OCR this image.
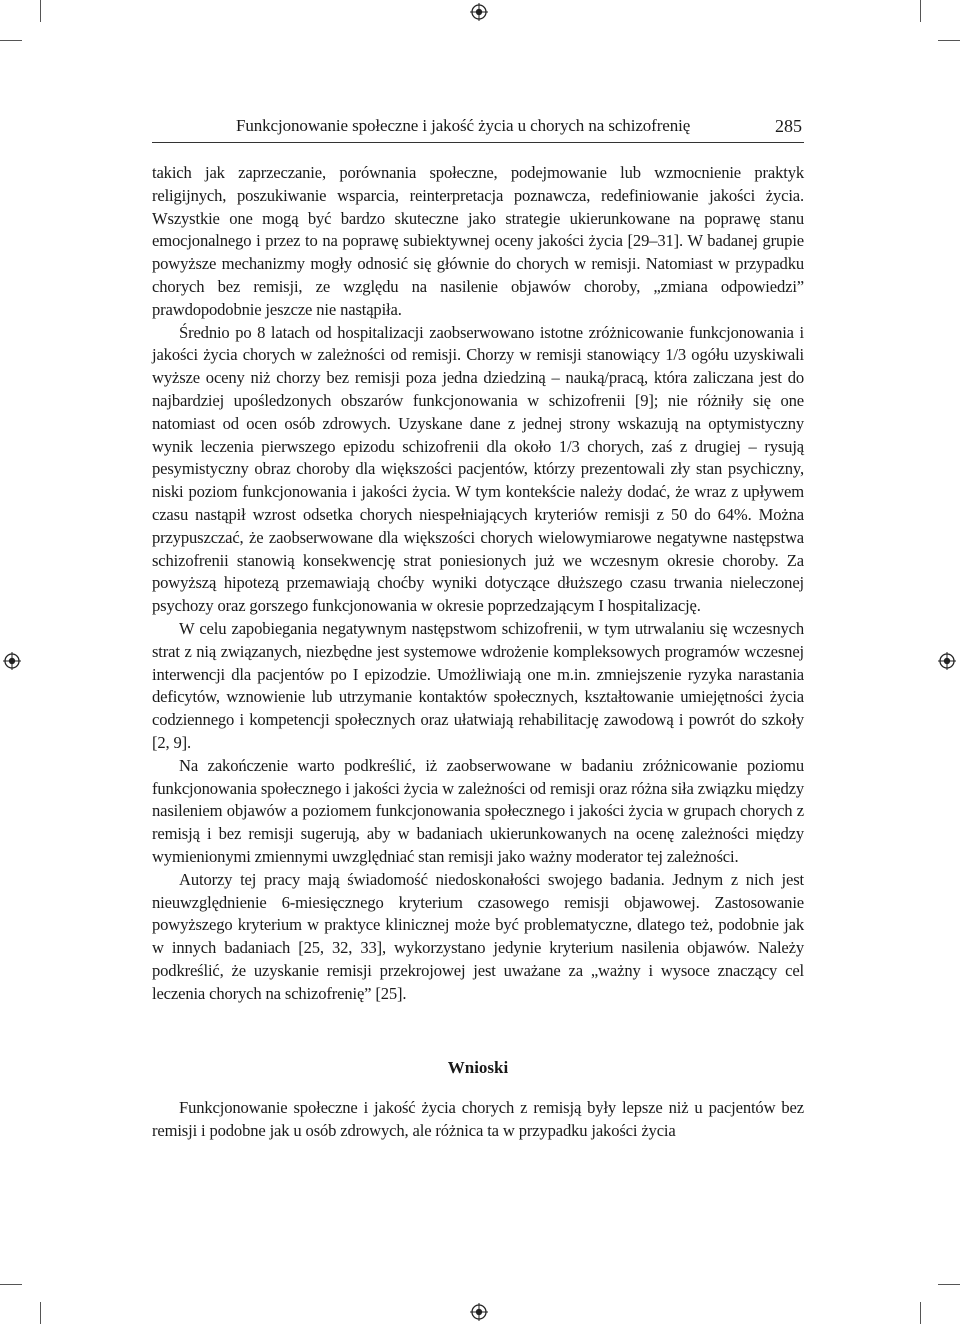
Funkcjonowanie społeczne i jakość życia u chorych na schizofrenię	285

takich jak zaprzeczanie, porównania społeczne, podejmowanie lub wzmocnienie praktyk religijnych, poszukiwanie wsparcia, reinterpretacja poznawcza, redefiniowanie jakości życia. Wszystkie one mogą być bardzo skuteczne jako strategie ukierunkowane na poprawę stanu emocjonalnego i przez to na poprawę subiektywnej oceny jakości życia [29–31]. W badanej grupie powyższe mechanizmy mogły odnosić się głównie do chorych w remisji. Natomiast w przypadku chorych bez remisji, ze względu na nasilenie objawów choroby, „zmiana odpowiedzi” prawdopodobnie jeszcze nie nastąpiła.

Średnio po 8 latach od hospitalizacji zaobserwowano istotne zróżnicowanie funkcjonowania i jakości życia chorych w zależności od remisji. Chorzy w remisji stanowiący 1/3 ogółu uzyskiwali wyższe oceny niż chorzy bez remisji poza jedna dziedziną – nauką/pracą, która zaliczana jest do najbardziej upośledzonych obszarów funkcjonowania w schizofrenii [9]; nie różniły się one natomiast od ocen osób zdrowych. Uzyskane dane z jednej strony wskazują na optymistyczny wynik leczenia pierwszego epizodu schizofrenii dla około 1/3 chorych, zaś z drugiej – rysują pesymistyczny obraz choroby dla większości pacjentów, którzy prezentowali zły stan psychiczny, niski poziom funkcjonowania i jakości życia. W tym kontekście należy dodać, że wraz z upływem czasu nastąpił wzrost odsetka chorych niespełniających kryteriów remisji z 50 do 64%. Można przypuszczać, że zaobserwowane dla większości chorych wielowymiarowe negatywne następstwa schizofrenii stanowią konsekwencję strat poniesionych już we wczesnym okresie choroby. Za powyższą hipotezą przemawiają choćby wyniki dotyczące dłuższego czasu trwania nieleczonej psychozy oraz gorszego funkcjonowania w okresie poprzedzającym I hospitalizację.

W celu zapobiegania negatywnym następstwom schizofrenii, w tym utrwalaniu się wczesnych strat z nią związanych, niezbędne jest systemowe wdrożenie kompleksowych programów wczesnej interwencji dla pacjentów po I epizodzie. Umożliwiają one m.in. zmniejszenie ryzyka narastania deficytów, wznowienie lub utrzymanie kontaktów społecznych, kształtowanie umiejętności życia codziennego i kompetencji społecznych oraz ułatwiają rehabilitację zawodową i powrót do szkoły [2, 9].

Na zakończenie warto podkreślić, iż zaobserwowane w badaniu zróżnicowanie poziomu funkcjonowania społecznego i jakości życia w zależności od remisji oraz różna siła związku między nasileniem objawów a poziomem funkcjonowania społecznego i jakości życia w grupach chorych z remisją i bez remisji sugerują, aby w badaniach ukierunkowanych na ocenę zależności między wymienionymi zmiennymi uwzględniać stan remisji jako ważny moderator tej zależności.

Autorzy tej pracy mają świadomość niedoskonałości swojego badania. Jednym z nich jest nieuwzględnienie 6-miesięcznego kryterium czasowego remisji objawowej. Zastosowanie powyższego kryterium w praktyce klinicznej może być problematyczne, dlatego też, podobnie jak w innych badaniach [25, 32, 33], wykorzystano jedynie kryterium nasilenia objawów. Należy podkreślić, że uzyskanie remisji przekrojowej jest uważane za „ważny i wysoce znaczący cel leczenia chorych na schizofrenię” [25].

Wnioski

Funkcjonowanie społeczne i jakość życia chorych z remisją były lepsze niż u pacjentów bez remisji i podobne jak u osób zdrowych, ale różnica ta w przypadku jakości życia
